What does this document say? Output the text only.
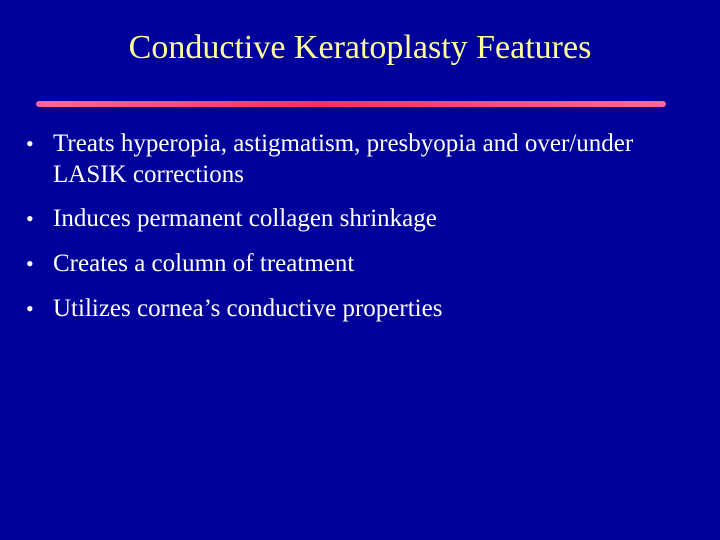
Conductive Keratoplasty Features
• Treats hyperopia, astigmatism, presbyopia and over/under LASIK corrections
• Induces permanent collagen shrinkage
• Creates a column of treatment
• Utilizes cornea’s conductive properties
